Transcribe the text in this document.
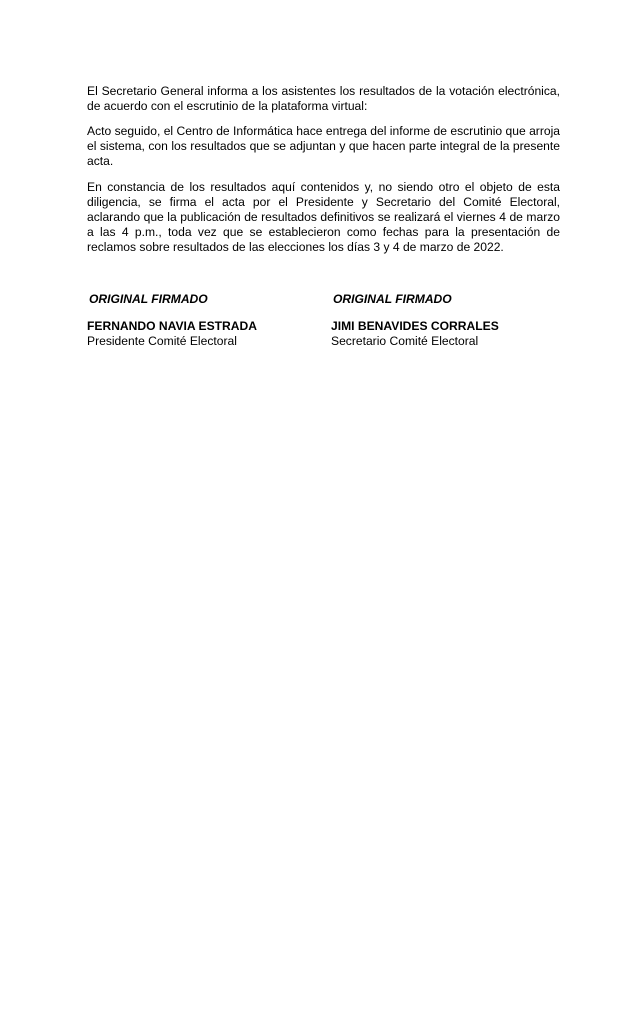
El Secretario General informa a los asistentes los resultados de la votación electrónica, de acuerdo con el escrutinio de la plataforma virtual:

Acto seguido, el Centro de Informática hace entrega del informe de escrutinio que arroja el sistema, con los resultados que se adjuntan y que hacen parte integral de la presente acta.

En constancia de los resultados aquí contenidos y, no siendo otro el objeto de esta diligencia, se firma el acta por el Presidente y Secretario del Comité Electoral, aclarando que la publicación de resultados definitivos se realizará el viernes 4 de marzo a las 4 p.m., toda vez que se establecieron como fechas para la presentación de reclamos sobre resultados de las elecciones los días 3 y 4 de marzo de 2022.

ORIGINAL FIRMADO
FERNANDO NAVIA ESTRADA
Presidente Comité Electoral
ORIGINAL FIRMADO
JIMI BENAVIDES CORRALES
Secretario Comité Electoral
